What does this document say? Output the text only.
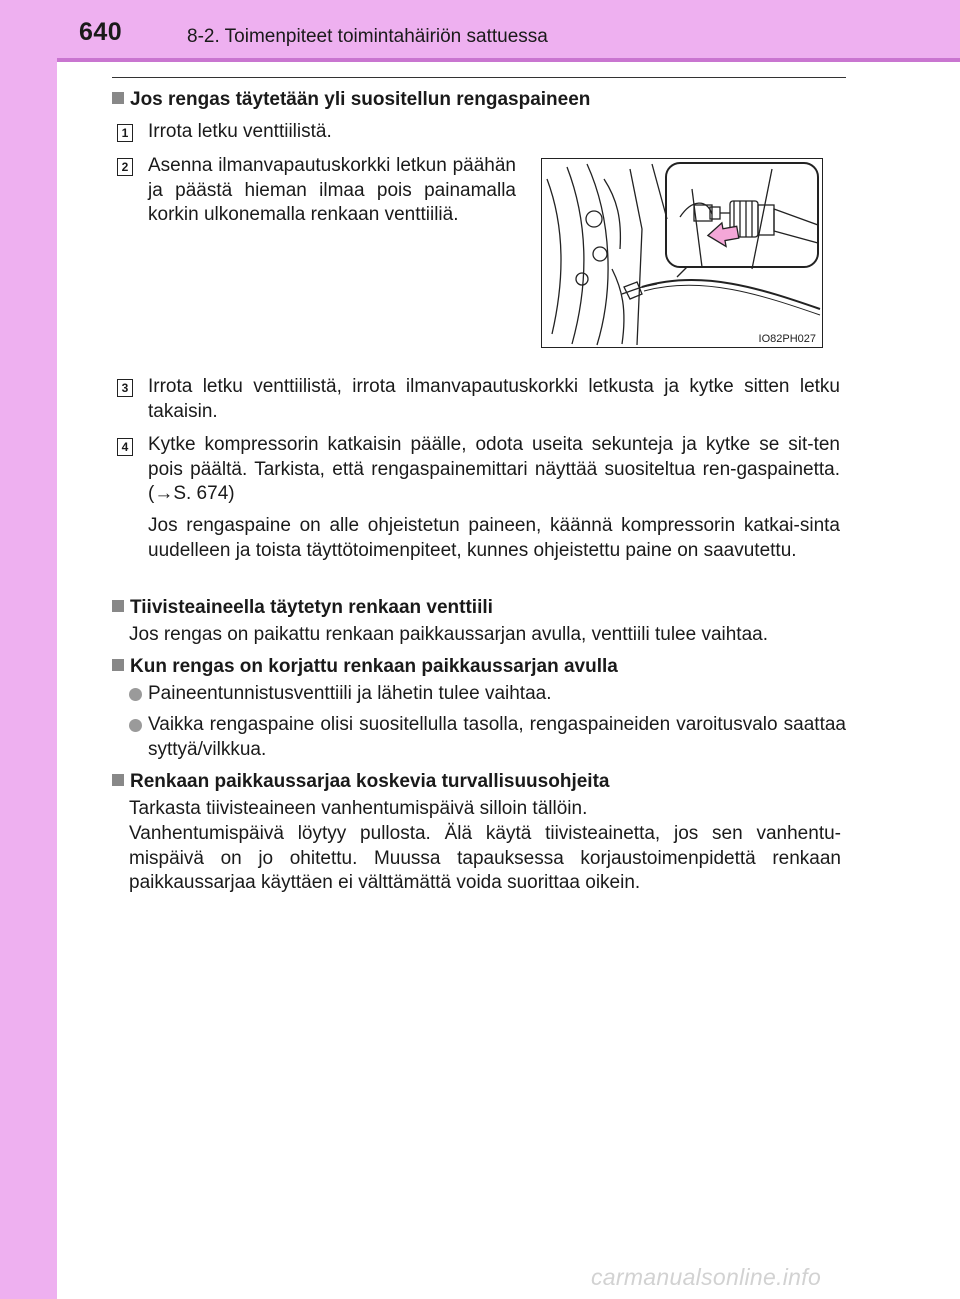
640	8-2. Toimenpiteet toimintahäiriön sattuessa
Jos rengas täytetään yli suositellun rengaspaineen
1 Irrota letku venttiilistä.

2 Asenna ilmanvapautuskorkki letkun päähän ja päästä hieman ilmaa pois painamalla korkin ulkonemalla renkaan venttiiliä.

IO82PH027
3 Irrota letku venttiilistä, irrota ilmanvapautuskorkki letkusta ja kytke sitten letku takaisin.

4 Kytke kompressorin katkaisin päälle, odota useita sekunteja ja kytke se sit-ten pois päältä. Tarkista, että rengaspainemittari näyttää suositeltua ren-gaspainetta. (→S. 674)

Jos rengaspaine on alle ohjeistetun paineen, käännä kompressorin katkai-sinta uudelleen ja toista täyttötoimenpiteet, kunnes ohjeistettu paine on saavutettu.

Tiivisteaineella täytetyn renkaan venttiili

Jos rengas on paikattu renkaan paikkaussarjan avulla, venttiili tulee vaihtaa.

Kun rengas on korjattu renkaan paikkaussarjan avulla

Paineentunnistusventtiili ja lähetin tulee vaihtaa.

Vaikka rengaspaine olisi suositellulla tasolla, rengaspaineiden varoitusvalo saattaa syttyä/vilkkua.

Renkaan paikkaussarjaa koskevia turvallisuusohjeita

Tarkasta tiivisteaineen vanhentumispäivä silloin tällöin.

Vanhentumispäivä löytyy pullosta. Älä käytä tiivisteainetta, jos sen vanhentu-mispäivä on jo ohitettu. Muussa tapauksessa korjaustoimenpidettä renkaan paikkaussarjaa käyttäen ei välttämättä voida suorittaa oikein.

carmanualsonline.info
